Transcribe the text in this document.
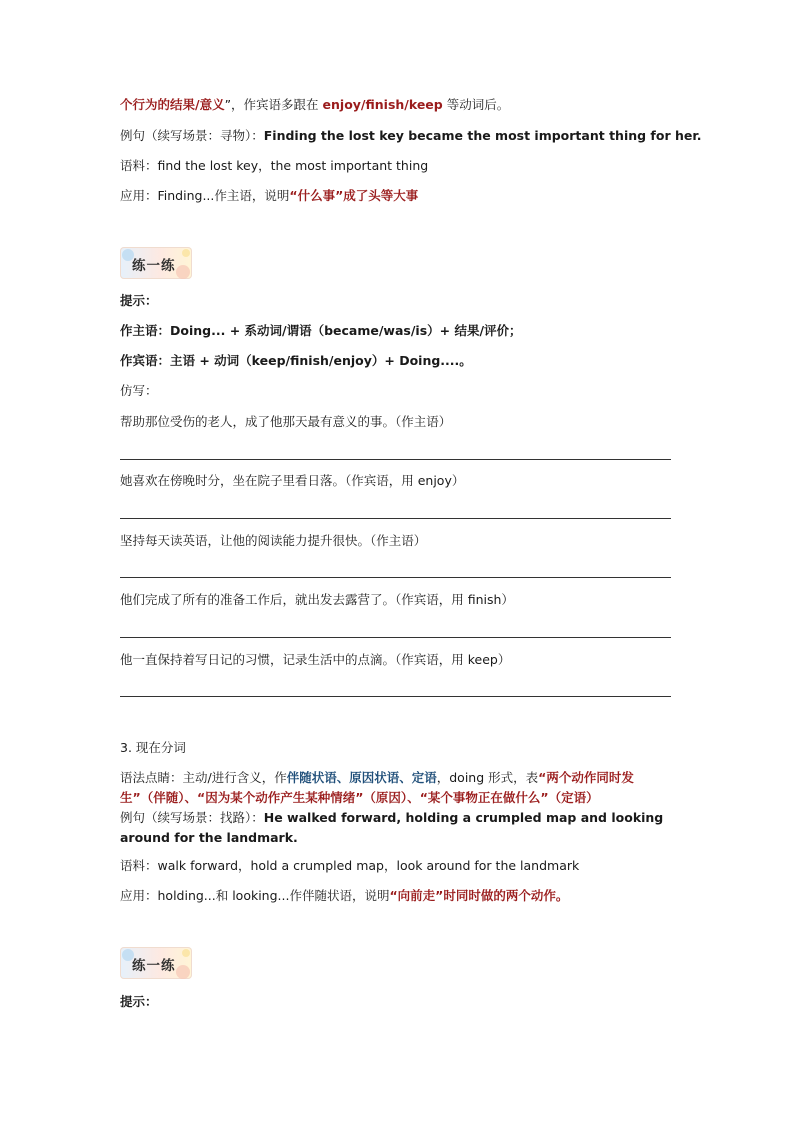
个行为的结果/意义”，作宾语多跟在 enjoy/finish/keep 等动词后。
例句（续写场景：寻物）：Finding the lost key became the most important thing for her.
语料：find the lost key，the most important thing
应用：Finding...作主语，说明“什么事”成了头等大事
练一练
提示：
作主语：Doing... + 系动词/谓语（became/was/is）+ 结果/评价；
作宾语：主语 + 动词（keep/finish/enjoy）+ Doing....。
仿写：
帮助那位受伤的老人，成了他那天最有意义的事。（作主语）
她喜欢在傍晚时分，坐在院子里看日落。（作宾语，用 enjoy）
坚持每天读英语，让他的阅读能力提升很快。（作主语）
他们完成了所有的准备工作后，就出发去露营了。（作宾语，用 finish）
他一直保持着写日记的习惯，记录生活中的点滴。（作宾语，用 keep）
3. 现在分词
语法点睛：主动/进行含义，作伴随状语、原因状语、定语，doing 形式，表“两个动作同时发生”（伴随）、“因为某个动作产生某种情绪”（原因）、“某个事物正在做什么”（定语）
例句（续写场景：找路）：He walked forward, holding a crumpled map and looking around for the landmark.
语料：walk forward，hold a crumpled map，look around for the landmark
应用：holding...和 looking...作伴随状语，说明“向前走”时同时做的两个动作。
练一练
提示：
